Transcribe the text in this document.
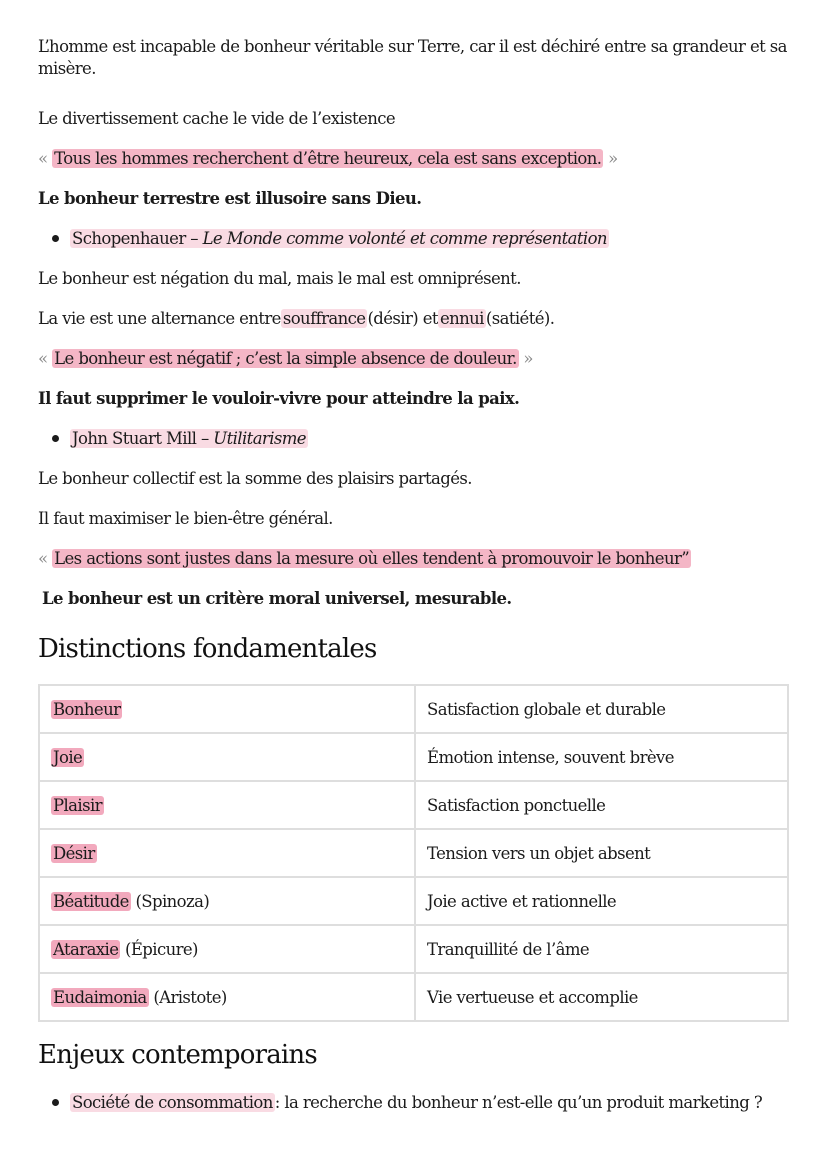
L’homme est incapable de bonheur véritable sur Terre, car il est déchiré entre sa grandeur et sa misère.

Le divertissement cache le vide de l’existence
«
Tous les hommes recherchent d’être heureux, cela est sans exception.
»
Le bonheur terrestre est illusoire sans Dieu.
Schopenhauer – Le Monde comme volonté et comme représentation
Le bonheur est négation du mal, mais le mal est omniprésent.
La vie est une alternance entre souffrance (désir) et ennui (satiété).
«
Le bonheur est négatif ; c’est la simple absence de douleur.
»
Il faut supprimer le vouloir-vivre pour atteindre la paix.
John Stuart Mill – Utilitarisme
Le bonheur collectif est la somme des plaisirs partagés.
Il faut maximiser le bien-être général.
«
Les actions sont justes dans la mesure où elles tendent à promouvoir le bonheur”
Le bonheur est un critère moral universel, mesurable.
Distinctions fondamentales
Bonheur	Satisfaction globale et durable
Joie	Émotion intense, souvent brève
Plaisir	Satisfaction ponctuelle
Désir	Tension vers un objet absent
Béatitude (Spinoza)	Joie active et rationnelle
Ataraxie (Épicure)	Tranquillité de l’âme
Eudaimonia (Aristote)	Vie vertueuse et accomplie
Enjeux contemporains
Société de consommation : la recherche du bonheur n’est-elle qu’un produit marketing ?
